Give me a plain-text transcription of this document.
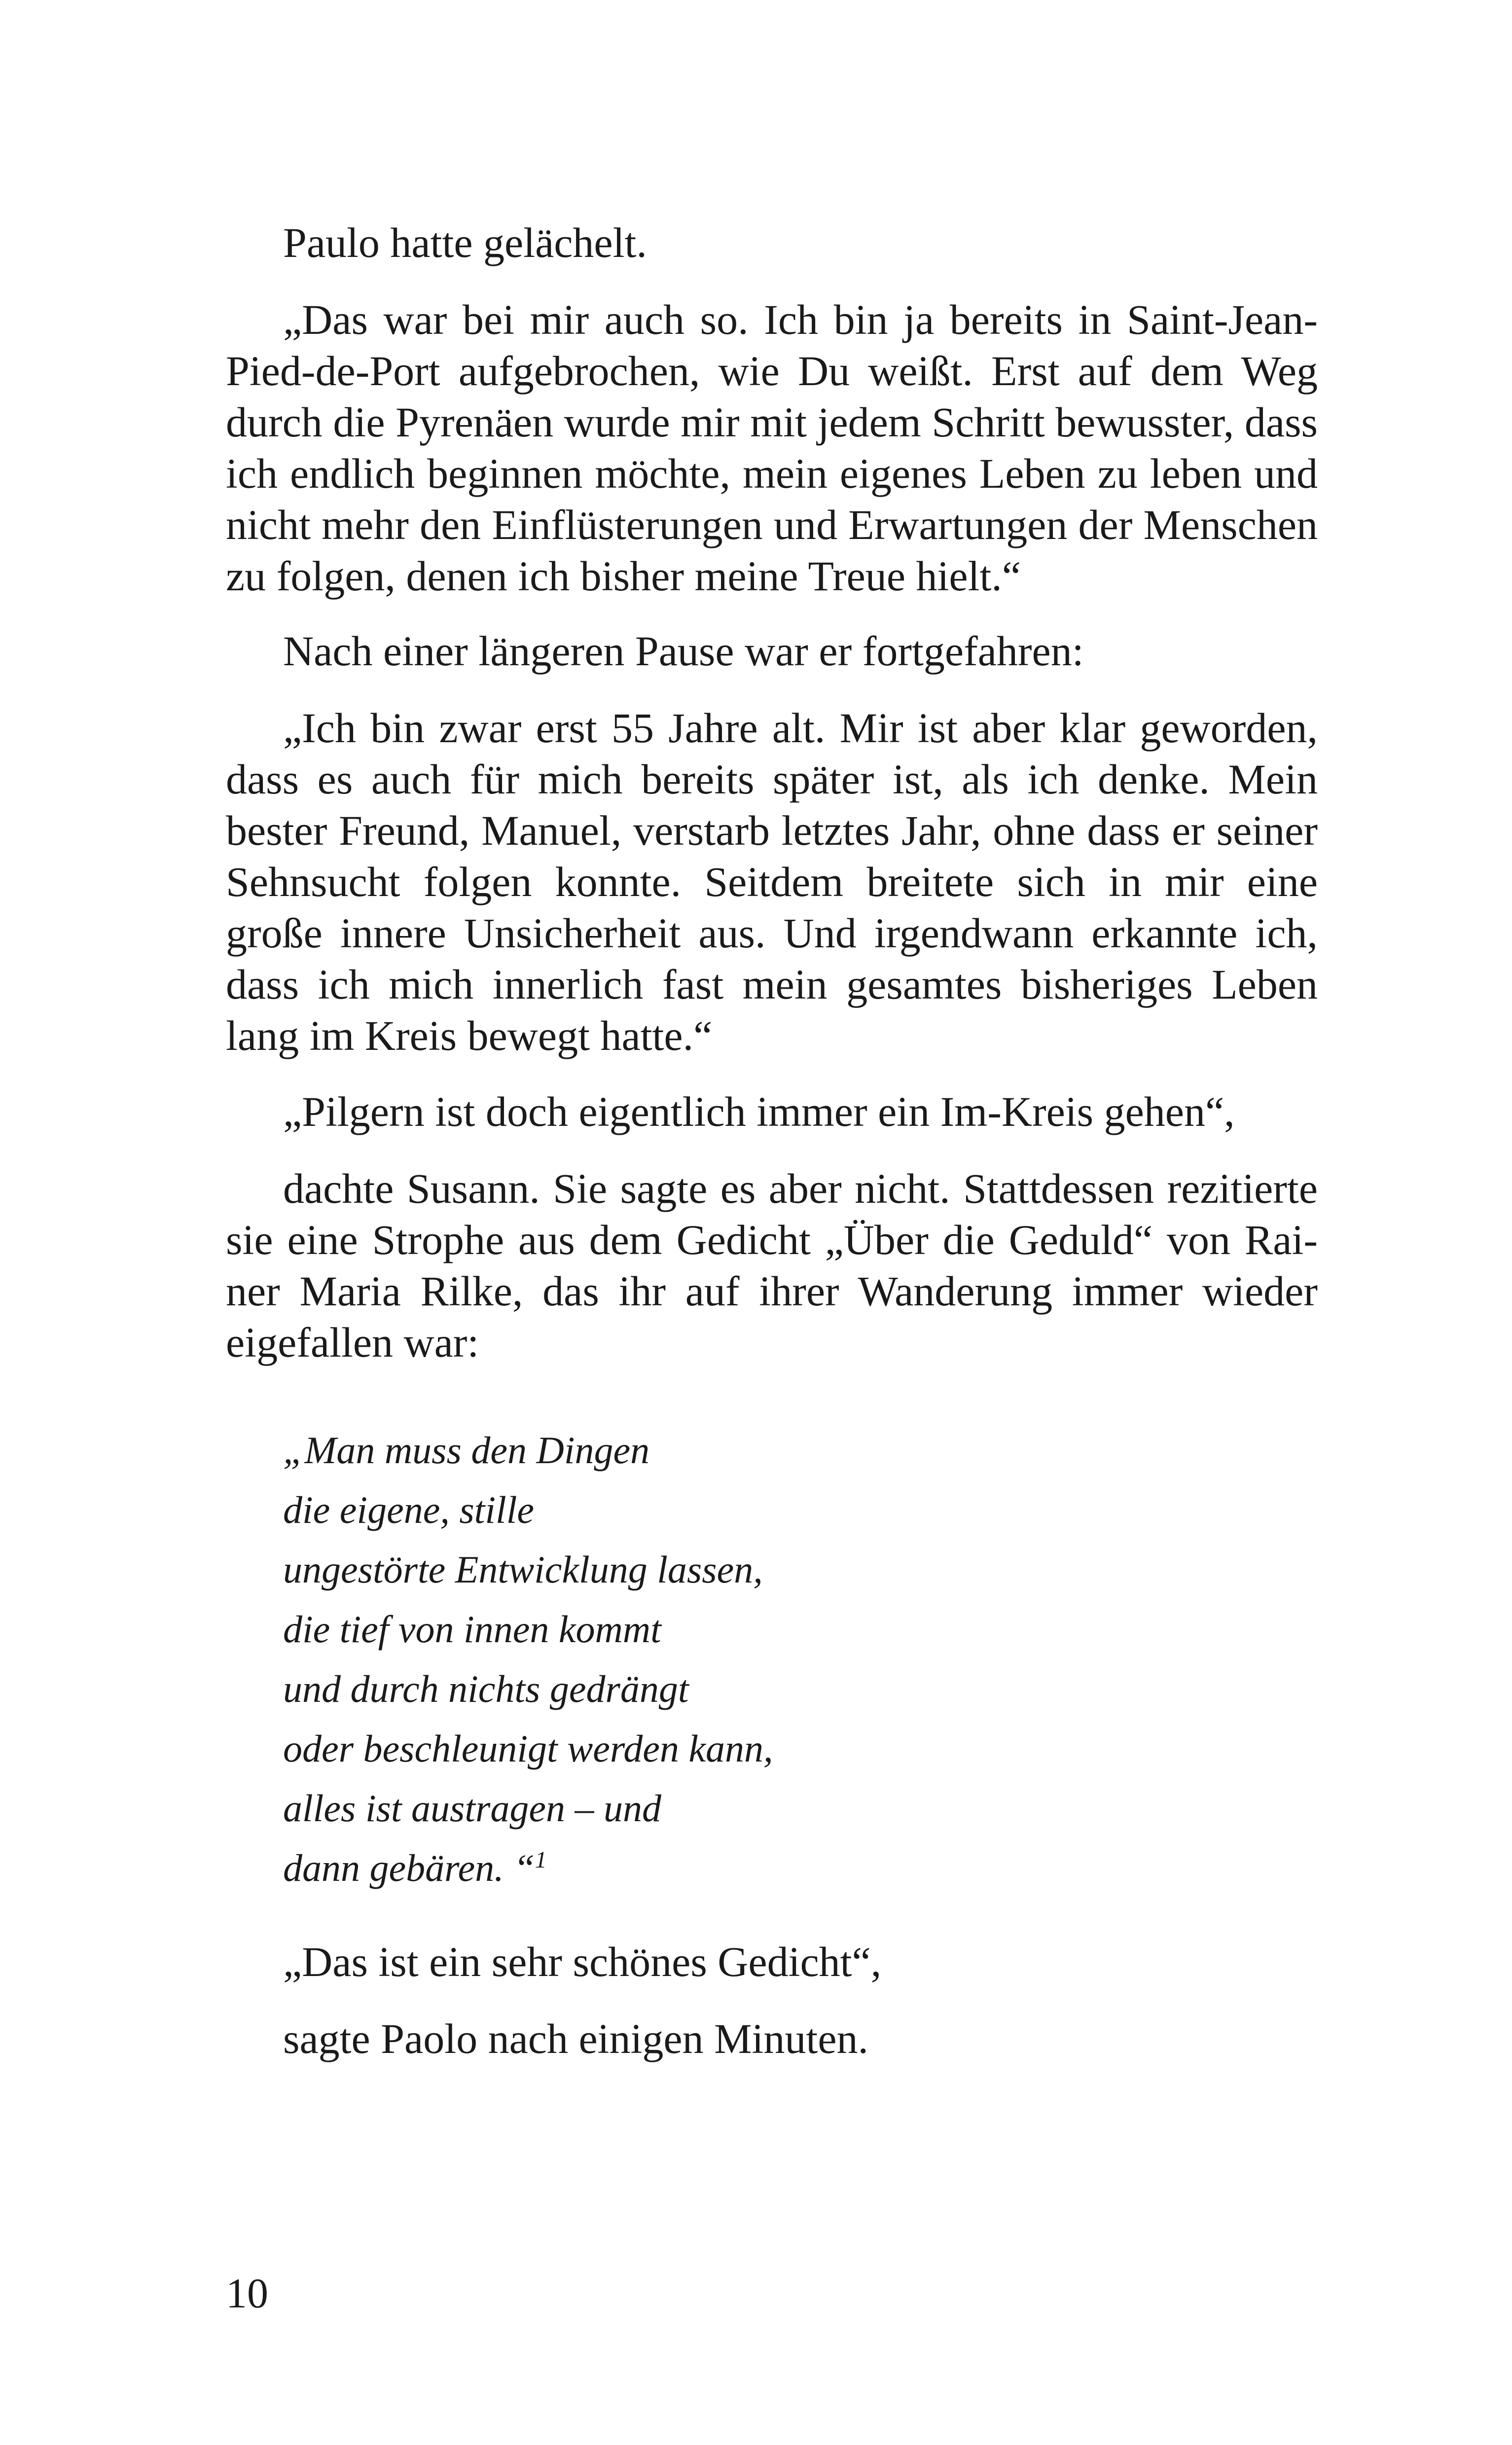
Paulo hatte gelächelt.

„Das war bei mir auch so. Ich bin ja bereits in Saint-Jean-Pied-de-Port aufgebrochen, wie Du weißt. Erst auf dem Weg durch die Pyrenäen wurde mir mit jedem Schritt bewusster, dass ich endlich beginnen möchte, mein eigenes Leben zu leben und nicht mehr den Einflüsterungen und Erwartungen der Menschen zu folgen, denen ich bisher meine Treue hielt.“

Nach einer längeren Pause war er fortgefahren:

„Ich bin zwar erst 55 Jahre alt. Mir ist aber klar geworden, dass es auch für mich bereits später ist, als ich denke. Mein bester Freund, Manuel, verstarb letztes Jahr, ohne dass er seiner Sehnsucht folgen konnte. Seitdem breitete sich in mir eine große innere Unsicherheit aus. Und irgendwann erkannte ich, dass ich mich innerlich fast mein gesamtes bisheriges Leben lang im Kreis bewegt hatte.“

„Pilgern ist doch eigentlich immer ein Im-Kreis gehen“,

dachte Susann. Sie sagte es aber nicht. Stattdessen rezitierte sie eine Strophe aus dem Gedicht „Über die Geduld“ von Rainer Maria Rilke, das ihr auf ihrer Wanderung immer wieder eigefallen war:

„Man muss den Dingen
die eigene, stille
ungestörte Entwicklung lassen,
die tief von innen kommt
und durch nichts gedrängt
oder beschleunigt werden kann,
alles ist austragen – und
dann gebären. “$^1$

„Das ist ein sehr schönes Gedicht“,

sagte Paolo nach einigen Minuten.

10
